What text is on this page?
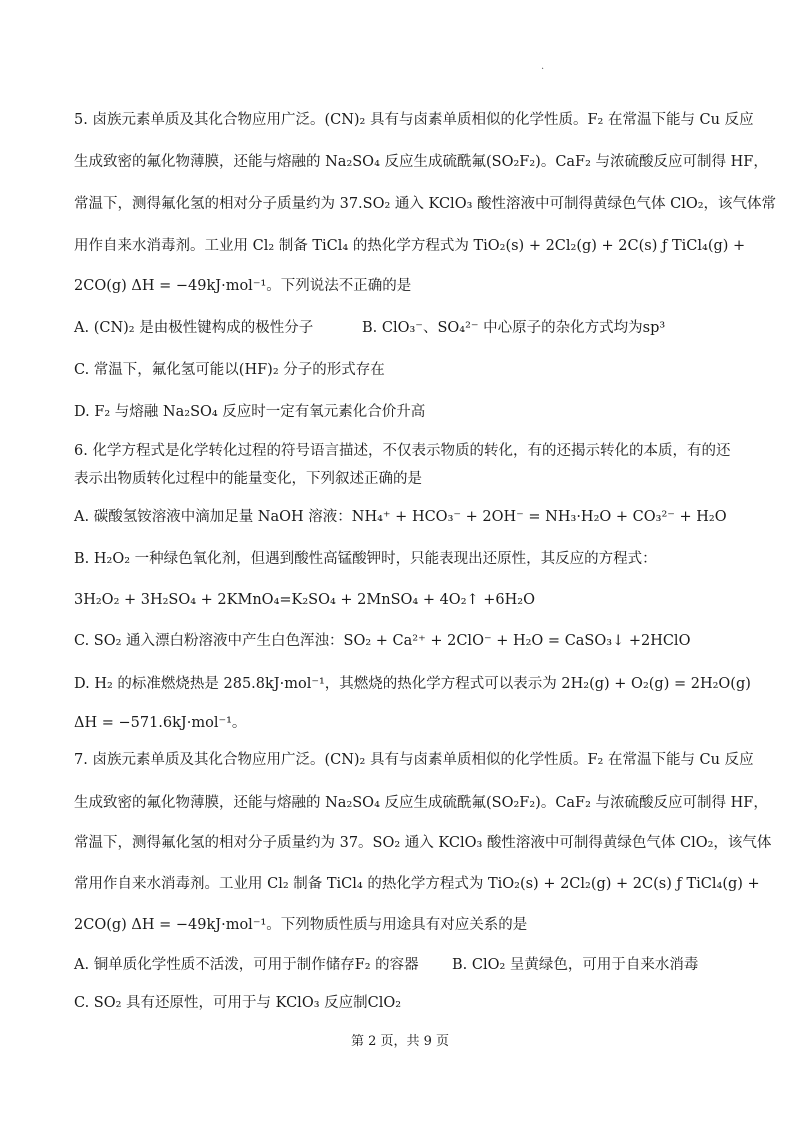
·
5. 卤族元素单质及其化合物应用广泛。(CN)₂ 具有与卤素单质相似的化学性质。F₂ 在常温下能与 Cu 反应
生成致密的氟化物薄膜，还能与熔融的 Na₂SO₄ 反应生成硫酰氟(SO₂F₂)。CaF₂ 与浓硫酸反应可制得 HF，
常温下，测得氟化氢的相对分子质量约为 37.SO₂ 通入 KClO₃ 酸性溶液中可制得黄绿色气体 ClO₂，该气体常
用作自来水消毒剂。工业用 Cl₂ 制备 TiCl₄ 的热化学方程式为 TiO₂(s) + 2Cl₂(g) + 2C(s) ƒ TiCl₄(g) +
2CO(g) ΔH = −49kJ·mol⁻¹。下列说法不正确的是
A. (CN)₂ 是由极性键构成的极性分子	B. ClO₃⁻、SO₄²⁻ 中心原子的杂化方式均为sp³
C. 常温下，氟化氢可能以(HF)₂ 分子的形式存在
D. F₂ 与熔融 Na₂SO₄ 反应时一定有氧元素化合价升高
6. 化学方程式是化学转化过程的符号语言描述，不仅表示物质的转化，有的还揭示转化的本质，有的还
表示出物质转化过程中的能量变化，下列叙述正确的是
A. 碳酸氢铵溶液中滴加足量 NaOH 溶液：NH₄⁺ + HCO₃⁻ + 2OH⁻ = NH₃·H₂O + CO₃²⁻ + H₂O
B. H₂O₂ 一种绿色氧化剂，但遇到酸性高锰酸钾时，只能表现出还原性，其反应的方程式：
3H₂O₂ + 3H₂SO₄ + 2KMnO₄=K₂SO₄ + 2MnSO₄ + 4O₂↑ +6H₂O
C. SO₂ 通入漂白粉溶液中产生白色浑浊：SO₂ + Ca²⁺ + 2ClO⁻ + H₂O = CaSO₃↓ +2HClO
D. H₂ 的标准燃烧热是 285.8kJ·mol⁻¹，其燃烧的热化学方程式可以表示为 2H₂(g) + O₂(g) = 2H₂O(g)
ΔH = −571.6kJ·mol⁻¹。
7. 卤族元素单质及其化合物应用广泛。(CN)₂ 具有与卤素单质相似的化学性质。F₂ 在常温下能与 Cu 反应
生成致密的氟化物薄膜，还能与熔融的 Na₂SO₄ 反应生成硫酰氟(SO₂F₂)。CaF₂ 与浓硫酸反应可制得 HF，
常温下，测得氟化氢的相对分子质量约为 37。SO₂ 通入 KClO₃ 酸性溶液中可制得黄绿色气体 ClO₂，该气体
常用作自来水消毒剂。工业用 Cl₂ 制备 TiCl₄ 的热化学方程式为 TiO₂(s) + 2Cl₂(g) + 2C(s) ƒ TiCl₄(g) +
2CO(g) ΔH = −49kJ·mol⁻¹。下列物质性质与用途具有对应关系的是
A. 铜单质化学性质不活泼，可用于制作储存F₂ 的容器	B. ClO₂ 呈黄绿色，可用于自来水消毒
C. SO₂ 具有还原性，可用于与 KClO₃ 反应制ClO₂
第 2 页，共 9 页
